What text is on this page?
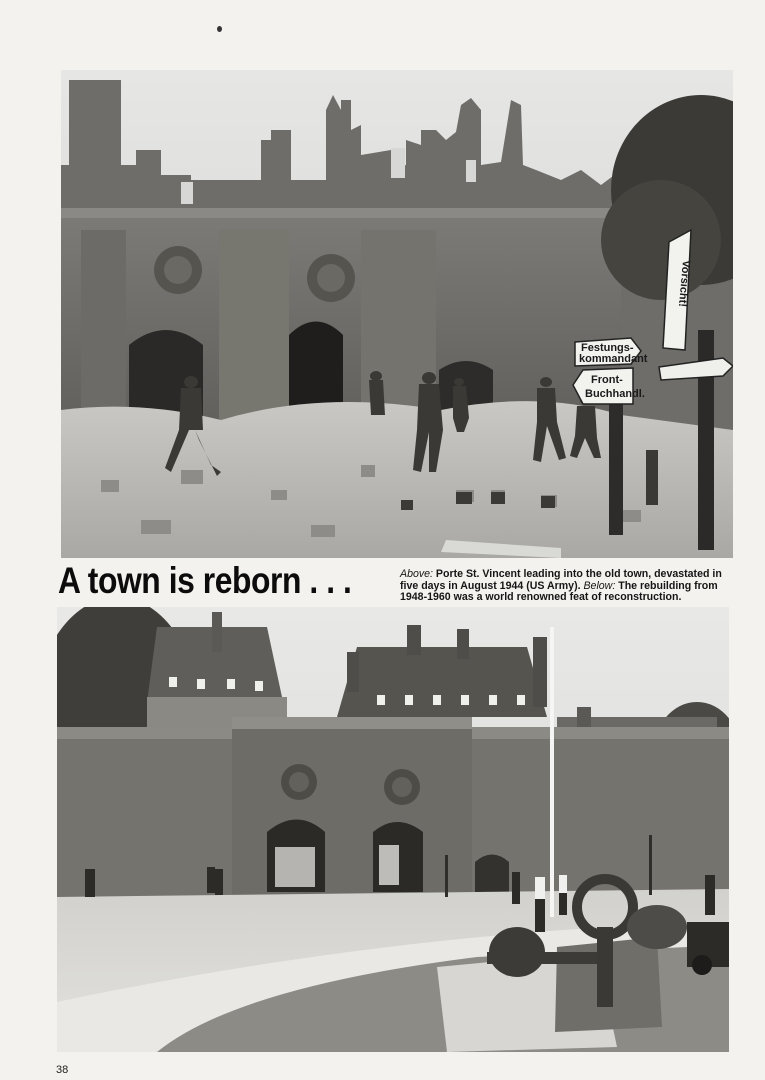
Festungs-
kommandant
Front-
Buchhandl.
Vorsicht!
A town is reborn . . .	Above: Porte St. Vincent leading into the old town, devastated in five days in August 1944 (US Army). Below: The rebuilding from 1948-1960 was a world renowned feat of reconstruction.
38
